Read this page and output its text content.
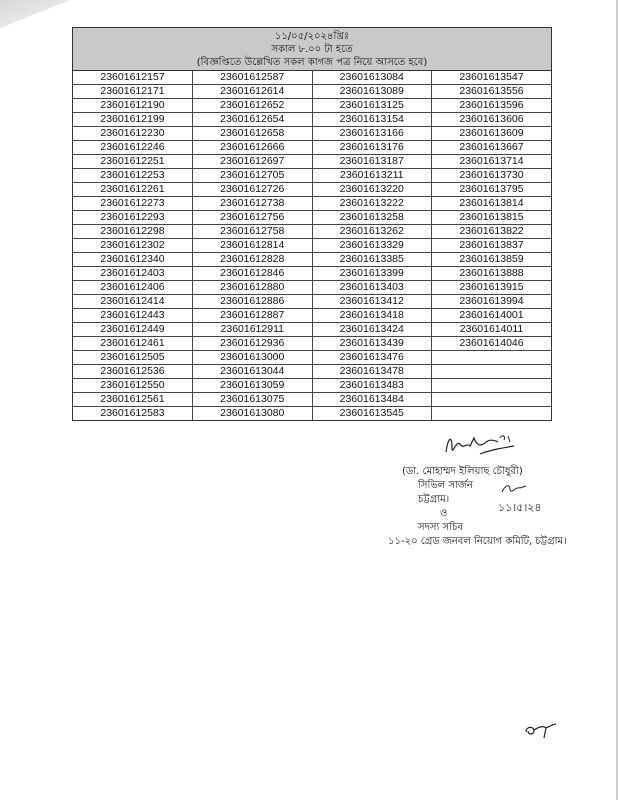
১১/০৫/২০২৪খ্রিঃ
সকাল ৮.০০ টা হতে
(বিজ্ঞপ্তিতে উল্লেখিত সকল কাগজ পত্র নিয়ে আসতে হবে)
23601612157	23601612587	23601613084	23601613547
23601612171	23601612614	23601613089	23601613556
23601612190	23601612652	23601613125	23601613596
23601612199	23601612654	23601613154	23601613606
23601612230	23601612658	23601613166	23601613609
23601612246	23601612666	23601613176	23601613667
23601612251	23601612697	23601613187	23601613714
23601612253	23601612705	23601613211	23601613730
23601612261	23601612726	23601613220	23601613795
23601612273	23601612738	23601613222	23601613814
23601612293	23601612756	23601613258	23601613815
23601612298	23601612758	23601613262	23601613822
23601612302	23601612814	23601613329	23601613837
23601612340	23601612828	23601613385	23601613859
23601612403	23601612846	23601613399	23601613888
23601612406	23601612880	23601613403	23601613915
23601612414	23601612886	23601613412	23601613994
23601612443	23601612887	23601613418	23601614001
23601612449	23601612911	23601613424	23601614011
23601612461	23601612936	23601613439	23601614046
23601612505	23601613000	23601613476	
23601612536	23601613044	23601613478	
23601612550	23601613059	23601613483	
23601612561	23601613075	23601613484	
23601612583	23601613080	23601613545	
(ডা. মোহাম্মদ ইলিয়াছ চৌধুরী)
সিভিল সার্জন
চট্টগ্রাম।
ও
সদস্য সচিব
১১-২০ গ্রেড জনবল নিয়োগ কমিটি, চট্টগ্রাম।
১১।৫।২৪
